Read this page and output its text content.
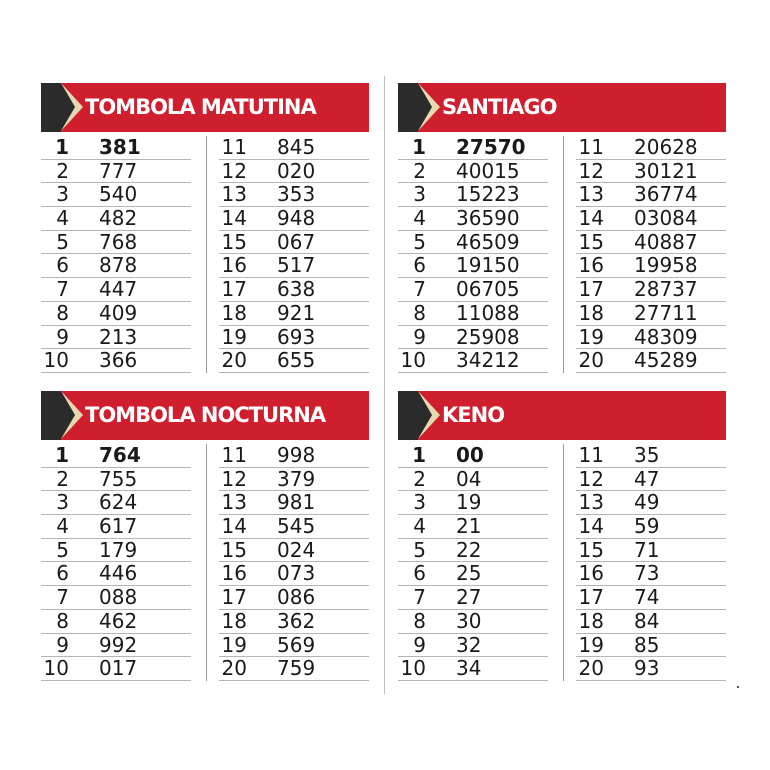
TOMBOLA MATUTINA
1 381
2 777
3 540
4 482
5 768
6 878
7 447
8 409
9 213
10 366
11 845
12 020
13 353
14 948
15 067
16 517
17 638
18 921
19 693
20 655
SANTIAGO
1 27570
2 40015
3 15223
4 36590
5 46509
6 19150
7 06705
8 11088
9 25908
10 34212
11 20628
12 30121
13 36774
14 03084
15 40887
16 19958
17 28737
18 27711
19 48309
20 45289
TOMBOLA NOCTURNA
1 764
2 755
3 624
4 617
5 179
6 446
7 088
8 462
9 992
10 017
11 998
12 379
13 981
14 545
15 024
16 073
17 086
18 362
19 569
20 759
KENO
1 00
2 04
3 19
4 21
5 22
6 25
7 27
8 30
9 32
10 34
11 35
12 47
13 49
14 59
15 71
16 73
17 74
18 84
19 85
20 93
